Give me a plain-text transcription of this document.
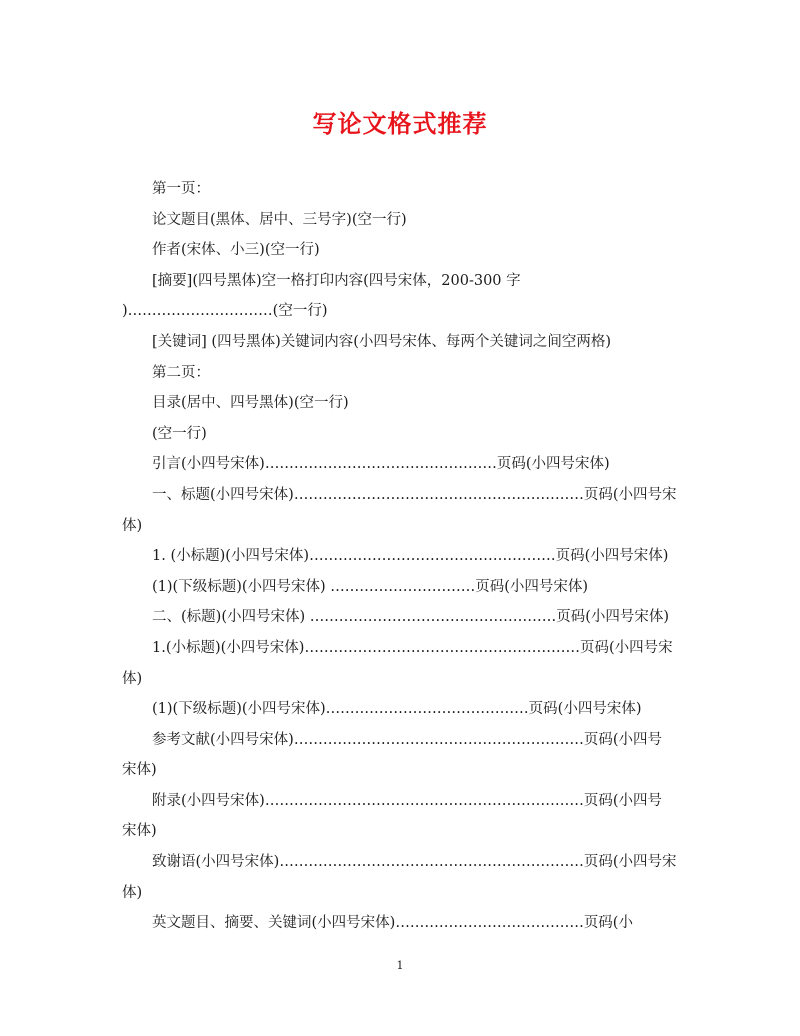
写论文格式推荐
第一页：
论文题目(黑体、居中、三号字)(空一行)
作者(宋体、小三)(空一行)
[摘要](四号黑体)空一格打印内容(四号宋体，200-300 字
)…………………………(空一行)
[关键词] (四号黑体)关键词内容(小四号宋体、每两个关键词之间空两格)
第二页：
目录(居中、四号黑体)(空一行)
(空一行)
引言(小四号宋体)…………………………………………页码(小四号宋体)
一、标题(小四号宋体)……………………………………………………页码(小四号宋
体)
1. (小标题)(小四号宋体)……………………………………………页码(小四号宋体)
(1)(下级标题)(小四号宋体) …………………………页码(小四号宋体)
二、(标题)(小四号宋体) ……………………………………………页码(小四号宋体)
1.(小标题)(小四号宋体)…………………………………………………页码(小四号宋
体)
(1)(下级标题)(小四号宋体)……………………………………页码(小四号宋体)
参考文献(小四号宋体)……………………………………………………页码(小四号
宋体)
附录(小四号宋体)…………………………………………………………页码(小四号
宋体)
致谢语(小四号宋体)………………………………………………………页码(小四号宋
体)
英文题目、摘要、关键词(小四号宋体)…………………………………页码(小
1
